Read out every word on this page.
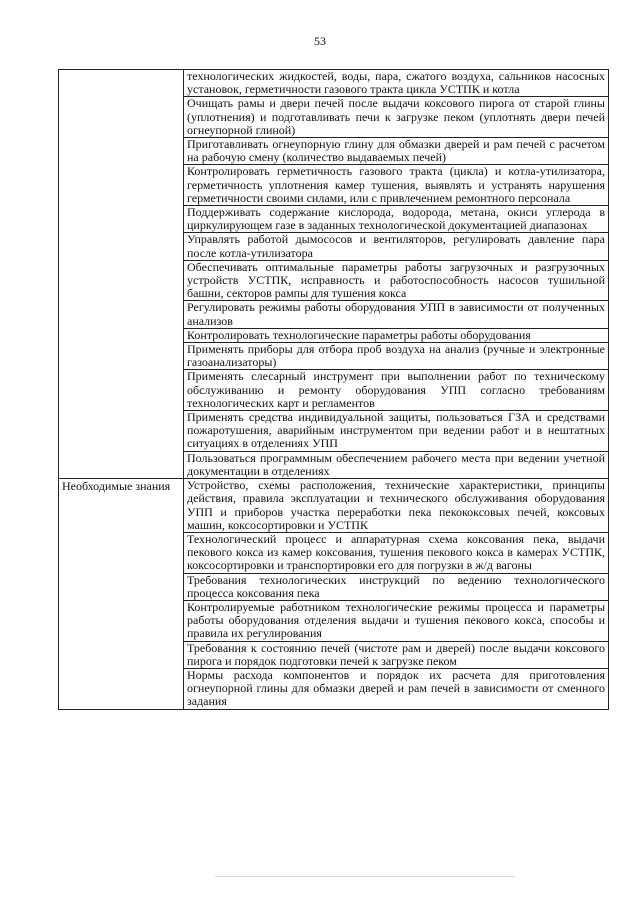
53
	технологических жидкостей, воды, пара, сжатого воздуха, сальников насосных установок, герметичности газового тракта цикла УСТПК и котла
	Очищать рамы и двери печей после выдачи коксового пирога от старой глины (уплотнения) и подготавливать печи к загрузке пеком (уплотнять двери печей огнеупорной глиной)
	Приготавливать огнеупорную глину для обмазки дверей и рам печей с расчетом на рабочую смену (количество выдаваемых печей)
	Контролировать герметичность газового тракта (цикла) и котла-утилизатора, герметичность уплотнения камер тушения, выявлять и устранять нарушения герметичности своими силами, или с привлечением ремонтного персонала
	Поддерживать содержание кислорода, водорода, метана, окиси углерода в циркулирующем газе в заданных технологической документацией диапазонах
	Управлять работой дымососов и вентиляторов, регулировать давление пара после котла-утилизатора
	Обеспечивать оптимальные параметры работы загрузочных и разгрузочных устройств УСТПК, исправность и работоспособность насосов тушильной башни, секторов рампы для тушения кокса
	Регулировать режимы работы оборудования УПП в зависимости от полученных анализов
	Контролировать технологические параметры работы оборудования
	Применять приборы для отбора проб воздуха на анализ (ручные и электронные газоанализаторы)
	Применять слесарный инструмент при выполнении работ по техническому обслуживанию и ремонту оборудования УПП согласно требованиям технологических карт и регламентов
	Применять средства индивидуальной защиты, пользоваться ГЗА и средствами пожаротушения, аварийным инструментом при ведении работ и в нештатных ситуациях в отделениях УПП
	Пользоваться программным обеспечением рабочего места при ведении учетной документации в отделениях

Необходимые знания	Устройство, схемы расположения, технические характеристики, принципы действия, правила эксплуатации и технического обслуживания оборудования УПП и приборов участка переработки пека пекококсовых печей, коксовых машин, коксосортировки и УСТПК
	Технологический процесс и аппаратурная схема коксования пека, выдачи пекового кокса из камер коксования, тушения пекового кокса в камерах УСТПК, коксосортировки и транспортировки его для погрузки в ж/д вагоны
	Требования технологических инструкций по ведению технологического процесса коксования пека
	Контролируемые работником технологические режимы процесса и параметры работы оборудования отделения выдачи и тушения пекового кокса, способы и правила их регулирования
	Требования к состоянию печей (чистоте рам и дверей) после выдачи коксового пирога и порядок подготовки печей к загрузке пеком
	Нормы расхода компонентов и порядок их расчета для приготовления огнеупорной глины для обмазки дверей и рам печей в зависимости от сменного задания
